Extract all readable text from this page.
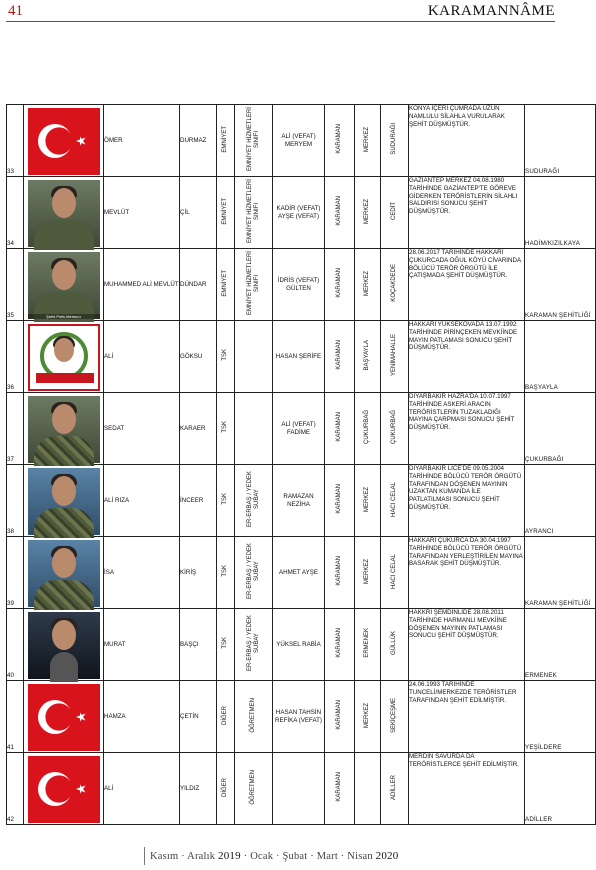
41	KARAMANNÂME
33		ÖMER	DURMAZ	EMNİYET	EMNİYET HİZMETLERİ SINIFI	ALİ (VEFAT) MERYEM	KARAMAN	MERKEZ	SUDURAĞI	KONYA İÇERİ ÇUMRADA UZUN NAMLULU SİLAHLA VURULARAK ŞEHİT DÜŞMÜŞTÜR.	SUDURAĞI
34		MEVLÜT	ÇİL	EMNİYET	EMNİYET HİZMETLERİ SINIFI	KADİR (VEFAT) AYŞE (VEFAT)	KARAMAN	MERKEZ	CEDİT	GAZİANTEP MERKEZ 04.08.1980 TARİHİNDE GAZİANTEP'TE GÖREVE GİDERKEN TERÖRİSTLERİN SİLAHLI SALDIRISI SONUCU ŞEHİT DÜŞMÜŞTÜR.	HADİM/KIZILKAYA
35	Şehit Polis Memuru	MUHAMMED ALİ MEVLÜT	DÜNDAR	EMNİYET	EMNİYET HİZMETLERİ SINIFI	İDRİS (VEFAT) GÜLTEN	KARAMAN	MERKEZ	KOÇAKDEDE	28.06.2017 TARİHİNDE HAKKARİ ÇUKURCADA OĞUL KÖYÜ CİVARINDA BÖLÜCÜ TERÖR ÖRGÜTÜ İLE ÇATIŞMADA ŞEHİT DÜŞMÜŞTÜR.	KARAMAN ŞEHİTLİĞİ
36		ALİ	GÖKSU	TSK		HASAN ŞERİFE	KARAMAN	BAŞYAYLA	YENİMAHALLE	HAKKARİ YÜKSEKOVADA 13.07.1992 TARİHİNDE PİRİNÇEKEN MEVKİİNDE MAYIN PATLAMASI SONUCU ŞEHİT DÜŞMÜŞTÜR.	BAŞYAYLA
37		SEDAT	KARAER	TSK		ALİ (VEFAT) FADİME	KARAMAN	ÇUKURBAĞ	ÇUKURBAĞ	DİYARBAKIR HAZRA'DA 10.07.1997 TARİHİNDE ASKERİ ARACIN TERÖRİSTLERİN TUZAKLADIĞI MAYINA ÇARPMASI SONUCU ŞEHİT DÜŞMÜŞTÜR.	ÇUKURBAĞI
38		ALİ RIZA	İNCEER	TSK	ER-ERBAŞ / YEDEK SUBAY	RAMAZAN NEZİHA	KARAMAN	MERKEZ	HACI CELAL	DİYARBAKIR LİCE'DE 09.05.2004 TARİHİNDE BÖLÜCÜ TERÖR ÖRGÜTÜ TARAFINDAN DÖŞENEN MAYININ UZAKTAN KUMANDA İLE PATLATILMASI SONUCU ŞEHİT DÜŞMÜŞTÜR.	AYRANCI
39		İSA	KİRİŞ	TSK	ER-ERBAŞ / YEDEK SUBAY	AHMET AYŞE	KARAMAN	MERKEZ	HACI CELAL	HAKKARİ ÇUKURCA DA 30.04.1997 TARİHİNDE BÖLÜCÜ TERÖR ÖRGÜTÜ TARAFINDAN YERLEŞTİRİLEN MAYINA BASARAK ŞEHİT DÜŞMÜŞTÜR.	KARAMAN ŞEHİTLİĞİ
40		MURAT	BAŞÇI	TSK	ER-ERBAŞ / YEDEK SUBAY	YÜKSEL RABİA	KARAMAN	ERMENEK	GÜLLÜK	HAKKRİ ŞEMDİNLİDE 28.08.2011 TARİHİNDE HARMANLI MEVKİİNE DÖŞENEN MAYININ PATLAMASI SONUCU ŞEHİT DÜŞMÜŞTÜR.	ERMENEK
41		HAMZA	ÇETİN	DİĞER	ÖĞRETMEN	HASAN TAHSİN REFİKA (VEFAT)	KARAMAN	MERKEZ	SEKİÇEŞME	24.06.1993 TARİHİNDE TUNCELİ/MERKEZDE TERÖRİSTLER TARAFINDAN ŞEHİT EDİLMİŞTİR.	YEŞİLDERE
42		ALİ	YILDIZ	DİĞER	ÖĞRETMEN		KARAMAN		ADİLLER	MERDİN SAVURDA DA TERÖRİSTLERCE ŞEHİT EDİLMİŞTİR.	ADİLLER
Kasım · Aralık 2019 · Ocak · Şubat · Mart · Nisan 2020
